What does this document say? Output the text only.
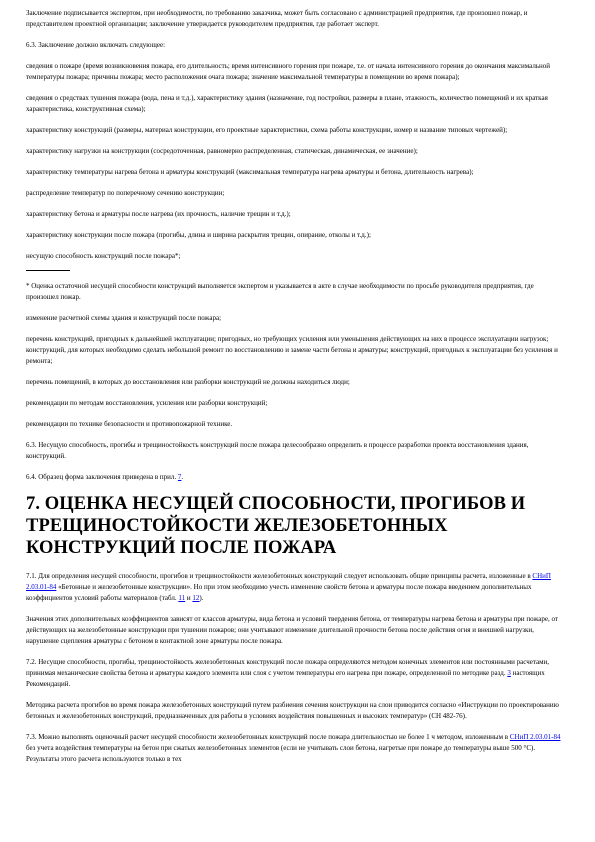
Заключение подписывается экспертом, при необходимости, по требованию заказчика, может быть согласовано с администрацией предприятия, где произошел пожар, и представителем проектной организации; заключение утверждается руководителем предприятия, где работает эксперт.

6.3. Заключение должно включать следующее:

сведения о пожаре (время возникновения пожара, его длительность; время интенсивного горения при пожаре, т.е. от начала интенсивного горения до окончания максимальной температуры пожара; причины пожара; место расположения очага пожара; значение максимальной температуры в помещении во время пожара);

сведения о средствах тушения пожара (вода, пена и т.д.), характеристику здания (назначение, год постройки, размеры в плане, этажность, количество помещений и их краткая характеристика, конструктивная схема);

характеристику конструкций (размеры, материал конструкции, его проектные характеристики, схема работы конструкции, номер и название типовых чертежей);

характеристику нагрузки на конструкции (сосредоточенная, равномерно распределенная, статическая, динамическая, ее значение);

характеристику температуры нагрева бетона и арматуры конструкций (максимальная температура нагрева арматуры и бетона, длительность нагрева);

распределение температур по поперечному сечению конструкции;

характеристику бетона и арматуры после нагрева (их прочность, наличие трещин и т.д.);

характеристику конструкции после пожара (прогибы, длина и ширина раскрытия трещин, опирание, отколы и т.д.);

несущую способность конструкций после пожара*;

* Оценка остаточной несущей способности конструкций выполняется экспертом и указывается в акте в случае необходимости по просьбе руководителя предприятия, где произошел пожар.

изменение расчетной схемы здания и конструкций после пожара;

перечень конструкций, пригодных к дальнейшей эксплуатации; пригодных, но требующих усиления или уменьшения действующих на них в процессе эксплуатации нагрузок; конструкций, для которых необходимо сделать небольшой ремонт по восстановлению и замене части бетона и арматуры; конструкций, пригодных к эксплуатации без усиления и ремонта;

перечень помещений, в которых до восстановления или разборки конструкций не должны находиться люди;

рекомендации по методам восстановления, усиления или разборки конструкций;

рекомендации по технике безопасности и противопожарной технике.

6.3. Несущую способность, прогибы и трещиностойкость конструкций после пожара целесообразно определить в процессе разработки проекта восстановления здания, конструкций.

6.4. Образец форма заключения приведена в прил. 7.

7. ОЦЕНКА НЕСУЩЕЙ СПОСОБНОСТИ, ПРОГИБОВ И ТРЕЩИНОСТОЙКОСТИ ЖЕЛЕЗОБЕТОННЫХ КОНСТРУКЦИЙ ПОСЛЕ ПОЖАРА

7.1. Для определения несущей способности, прогибов и трещиностойкости железобетонных конструкций следует использовать общие принципы расчета, изложенные в СНиП 2.03.01-84 «Бетонные и железобетонные конструкции». Но при этом необходимо учесть изменение свойств бетона и арматуры после пожара введением дополнительных коэффициентов условий работы материалов (табл. 11 и 12).

Значения этих дополнительных коэффициентов зависят от классов арматуры, вида бетона и условий твердения бетона, от температуры нагрева бетона и арматуры при пожаре, от действующих на железобетонные конструкции при тушении пожаров; они учитывают изменение длительной прочности бетона после действия огня и внешней нагрузки, нарушение сцепления арматуры с бетоном в контактной зоне арматуры после пожара.

7.2. Несущие способности, прогибы, трещиностойкость железобетонных конструкций после пожара определяются методом конечных элементов или постоянными расчетами, принимая механические свойства бетона и арматуры каждого элемента или слоя с учетом температуры его нагрева при пожаре, определенной по методике разд. 3 настоящих Рекомендаций.

Методика расчета прогибов во время пожара железобетонных конструкций путем разбиения сечения конструкции на слои приводится согласно «Инструкции по проектированию бетонных и железобетонных конструкций, предназначенных для работы в условиях воздействия повышенных и высоких температур» (СН 482-76).

7.3. Можно выполнять оценочный расчет несущей способности железобетонных конструкций после пожара длительностью не более 1 ч методом, изложенным в СНиП 2.03.01-84 без учета воздействия температуры на бетон при сжатых железобетонных элементов (если не учитывать слои бетона, нагретые при пожаре до температуры выше 500 °С). Результаты этого расчета используются только в тех
